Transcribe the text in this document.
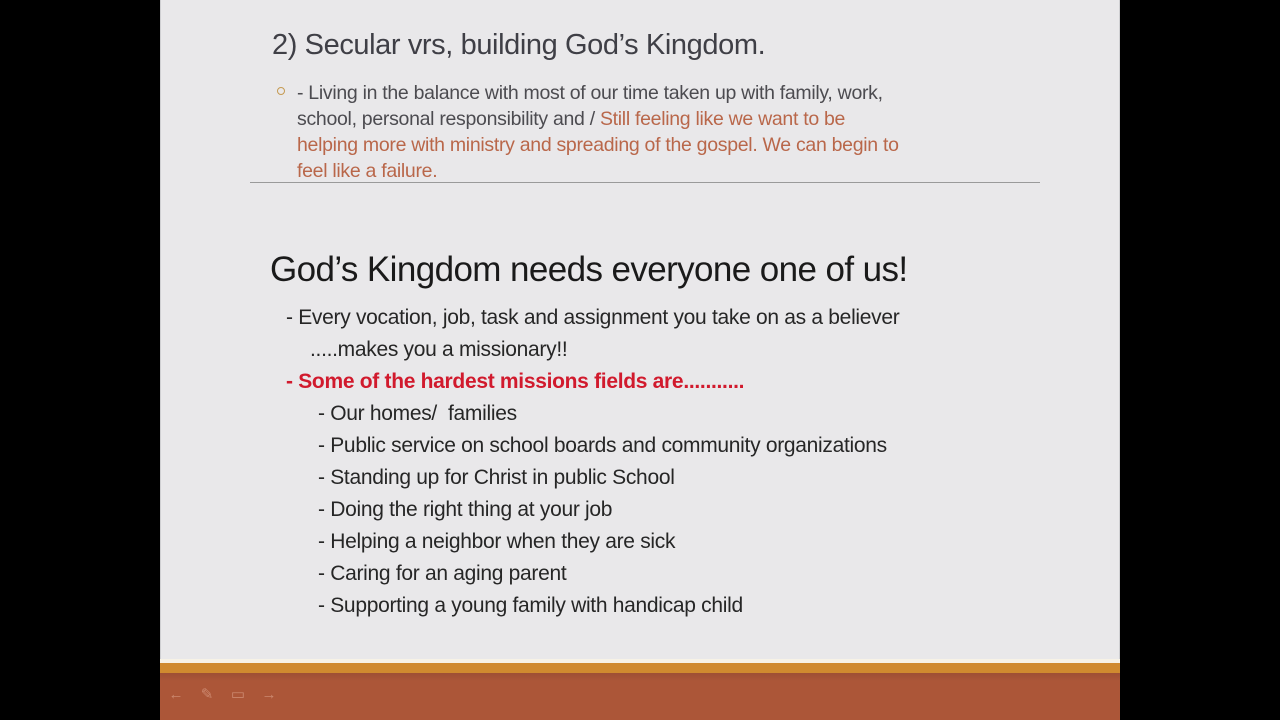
2) Secular vrs, building God’s Kingdom.
- Living in the balance with most of our time taken up with family, work,
school, personal responsibility and / Still feeling like we want to be
helping more with ministry and spreading of the gospel. We can begin to
feel like a failure.
God’s Kingdom needs everyone one of us!
- Every vocation, job, task and assignment you take on as a believer
.....makes you a missionary!!
- Some of the hardest missions fields are...........
- Our homes/  families
- Public service on school boards and community organizations
- Standing up for Christ in public School
- Doing the right thing at your job
- Helping a neighbor when they are sick
- Caring for an aging parent
- Supporting a young family with handicap child
← ✎ ▭ →
